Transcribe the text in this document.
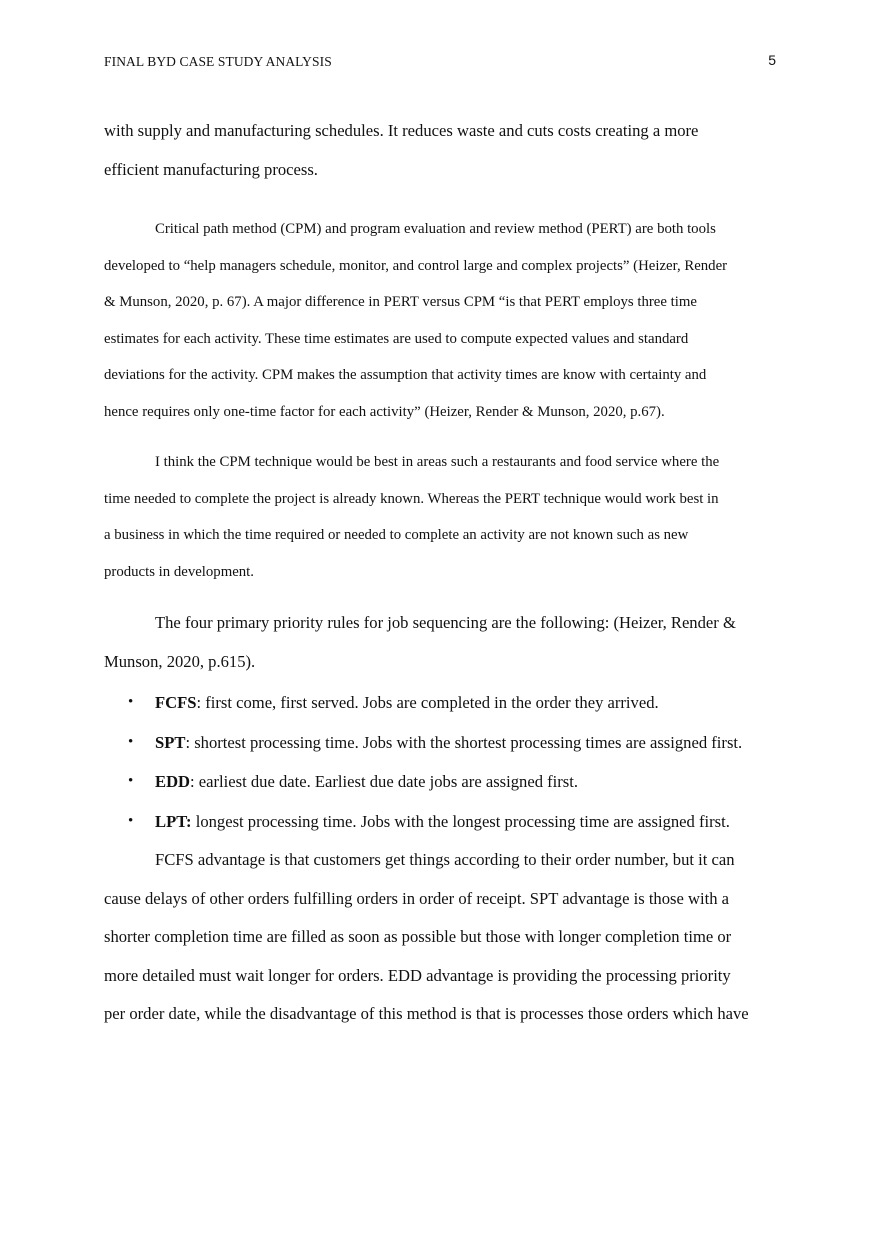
FINAL BYD CASE STUDY ANALYSIS	5

with supply and manufacturing schedules. It reduces waste and cuts costs creating a more
efficient manufacturing process.

Critical path method (CPM) and program evaluation and review method (PERT) are both tools
developed to “help managers schedule, monitor, and control large and complex projects” (Heizer, Render
& Munson, 2020, p. 67). A major difference in PERT versus CPM “is that PERT employs three time
estimates for each activity. These time estimates are used to compute expected values and standard
deviations for the activity. CPM makes the assumption that activity times are know with certainty and
hence requires only one-time factor for each activity” (Heizer, Render & Munson, 2020, p.67).

I think the CPM technique would be best in areas such a restaurants and food service where the
time needed to complete the project is already known. Whereas the PERT technique would work best in
a business in which the time required or needed to complete an activity are not known such as new
products in development.

The four primary priority rules for job sequencing are the following: (Heizer, Render &
Munson, 2020, p.615).

• FCFS: first come, first served. Jobs are completed in the order they arrived.
• SPT: shortest processing time. Jobs with the shortest processing times are assigned first.
• EDD: earliest due date. Earliest due date jobs are assigned first.
• LPT: longest processing time. Jobs with the longest processing time are assigned first.

FCFS advantage is that customers get things according to their order number, but it can
cause delays of other orders fulfilling orders in order of receipt. SPT advantage is those with a
shorter completion time are filled as soon as possible but those with longer completion time or
more detailed must wait longer for orders. EDD advantage is providing the processing priority
per order date, while the disadvantage of this method is that is processes those orders which have
